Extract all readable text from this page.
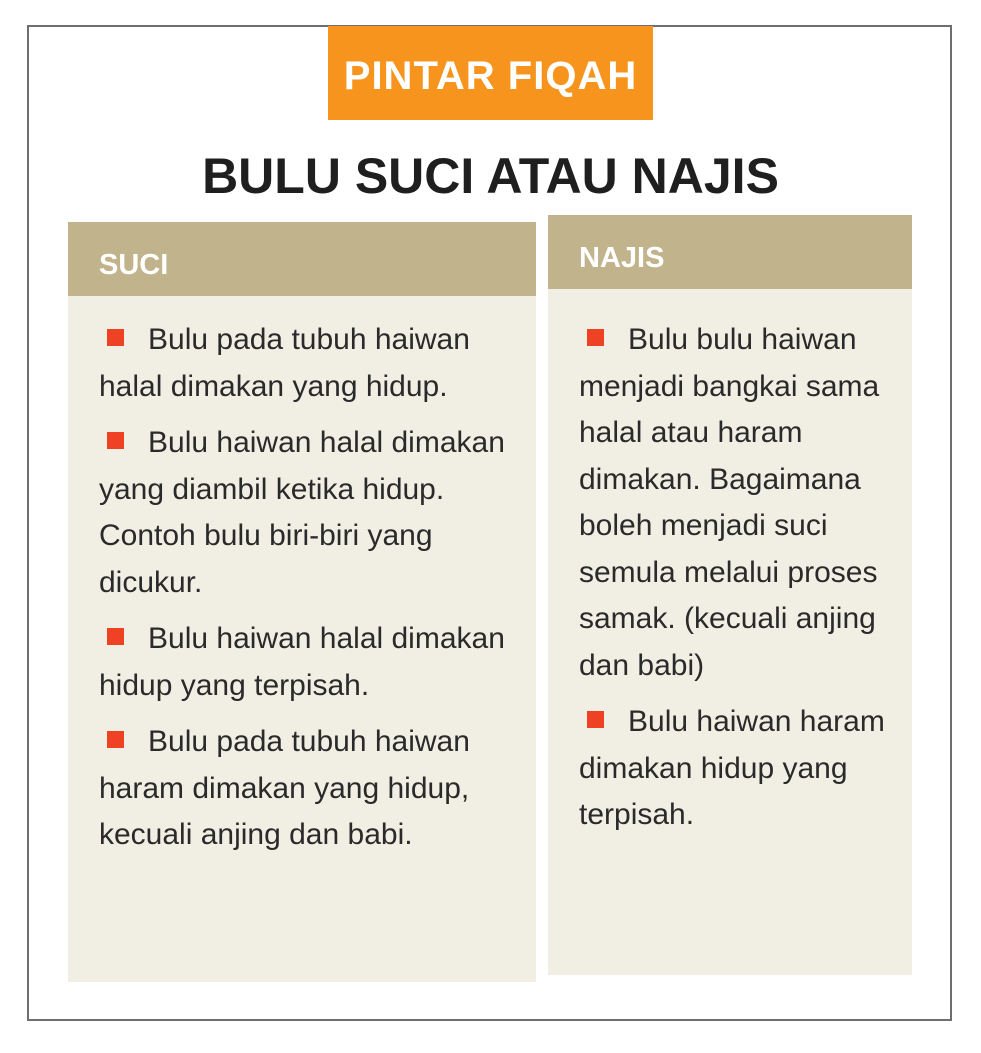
PINTAR FIQAH
BULU SUCI ATAU NAJIS
SUCI
Bulu pada tubuh haiwan halal dimakan yang hidup.
Bulu haiwan halal dimakan yang diambil ketika hidup. Contoh bulu biri-biri yang dicukur.
Bulu haiwan halal dimakan hidup yang terpisah.
Bulu pada tubuh haiwan haram dimakan yang hidup, kecuali anjing dan babi.
NAJIS
Bulu bulu haiwan menjadi bangkai sama halal atau haram dimakan. Bagaimana boleh menjadi suci semula melalui proses samak. (kecuali anjing dan babi)
Bulu haiwan haram dimakan hidup yang terpisah.
